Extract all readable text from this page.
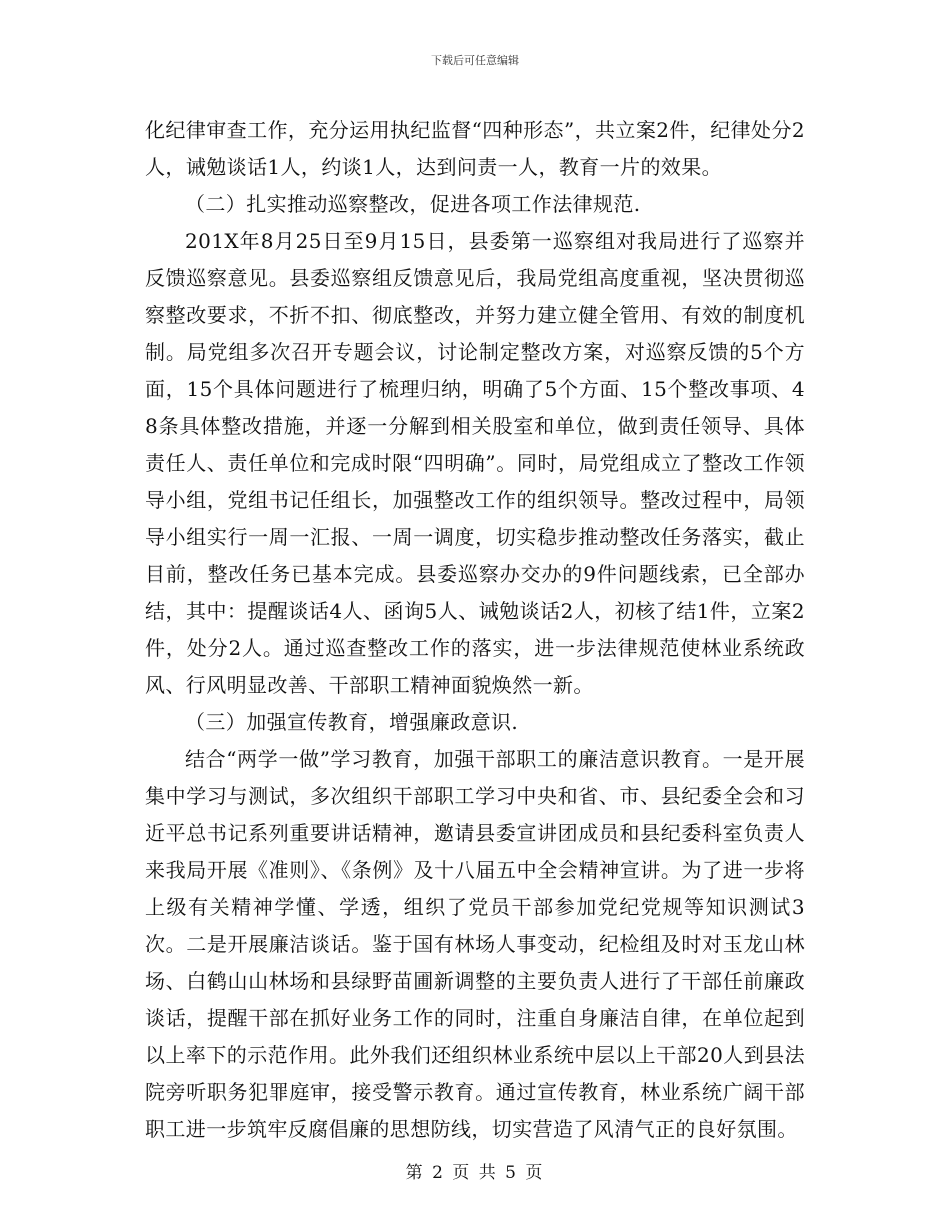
下载后可任意编辑

化纪律审查工作，充分运用执纪监督“四种形态”，共立案2件，纪律处分2人，诫勉谈话1人，约谈1人，达到问责一人，教育一片的效果。

（二）扎实推动巡察整改，促进各项工作法律规范.

201X年8月25日至9月15日，县委第一巡察组对我局进行了巡察并反馈巡察意见。县委巡察组反馈意见后，我局党组高度重视，坚决贯彻巡察整改要求，不折不扣、彻底整改，并努力建立健全管用、有效的制度机制。局党组多次召开专题会议，讨论制定整改方案，对巡察反馈的5个方面，15个具体问题进行了梳理归纳，明确了5个方面、15个整改事项、48条具体整改措施，并逐一分解到相关股室和单位，做到责任领导、具体责任人、责任单位和完成时限“四明确”。同时，局党组成立了整改工作领导小组，党组书记任组长，加强整改工作的组织领导。整改过程中，局领导小组实行一周一汇报、一周一调度，切实稳步推动整改任务落实，截止目前，整改任务已基本完成。县委巡察办交办的9件问题线索，已全部办结，其中：提醒谈话4人、函询5人、诫勉谈话2人，初核了结1件，立案2件，处分2人。通过巡查整改工作的落实，进一步法律规范使林业系统政风、行风明显改善、干部职工精神面貌焕然一新。

（三）加强宣传教育，增强廉政意识.

结合“两学一做”学习教育，加强干部职工的廉洁意识教育。一是开展集中学习与测试，多次组织干部职工学习中央和省、市、县纪委全会和习近平总书记系列重要讲话精神，邀请县委宣讲团成员和县纪委科室负责人来我局开展《准则》、《条例》及十八届五中全会精神宣讲。为了进一步将上级有关精神学懂、学透，组织了党员干部参加党纪党规等知识测试3次。二是开展廉洁谈话。鉴于国有林场人事变动，纪检组及时对玉龙山林场、白鹤山山林场和县绿野苗圃新调整的主要负责人进行了干部任前廉政谈话，提醒干部在抓好业务工作的同时，注重自身廉洁自律，在单位起到以上率下的示范作用。此外我们还组织林业系统中层以上干部20人到县法院旁听职务犯罪庭审，接受警示教育。通过宣传教育，林业系统广阔干部职工进一步筑牢反腐倡廉的思想防线，切实营造了风清气正的良好氛围。

第 2 页 共 5 页
